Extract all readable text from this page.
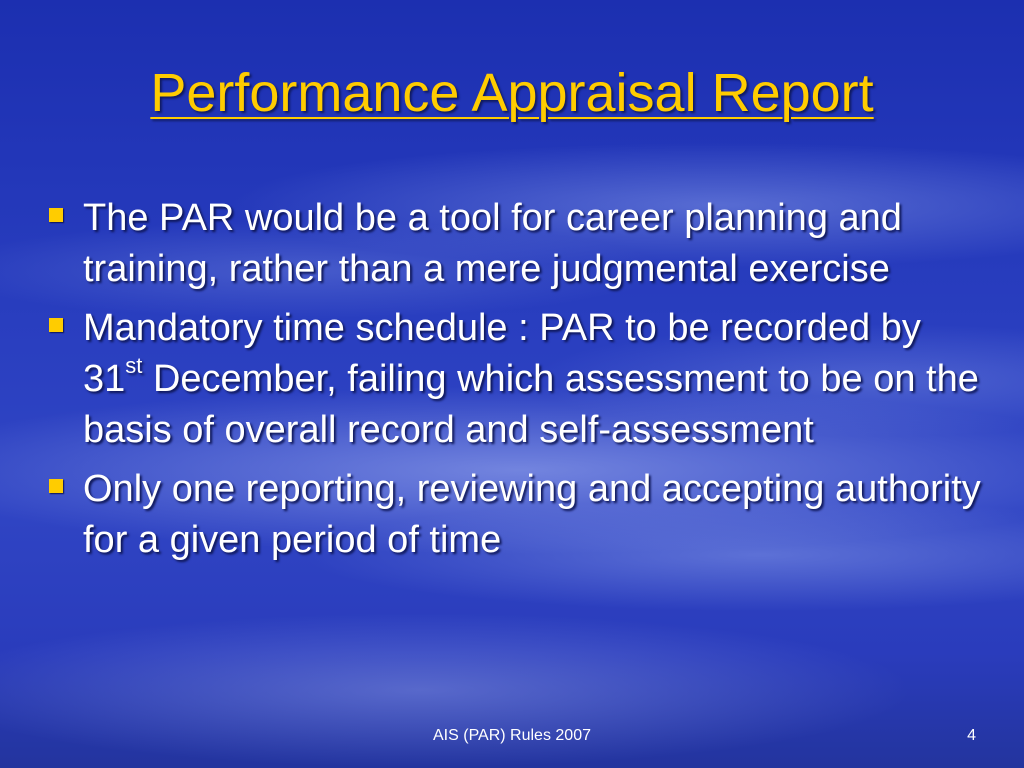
Performance Appraisal Report
The PAR would be a tool for career planning and training, rather than a mere judgmental exercise
Mandatory time schedule : PAR to be recorded by 31st December, failing which assessment to be on the basis of overall record and self-assessment
Only one reporting, reviewing and accepting authority for a given period of time
AIS (PAR) Rules 2007	4
